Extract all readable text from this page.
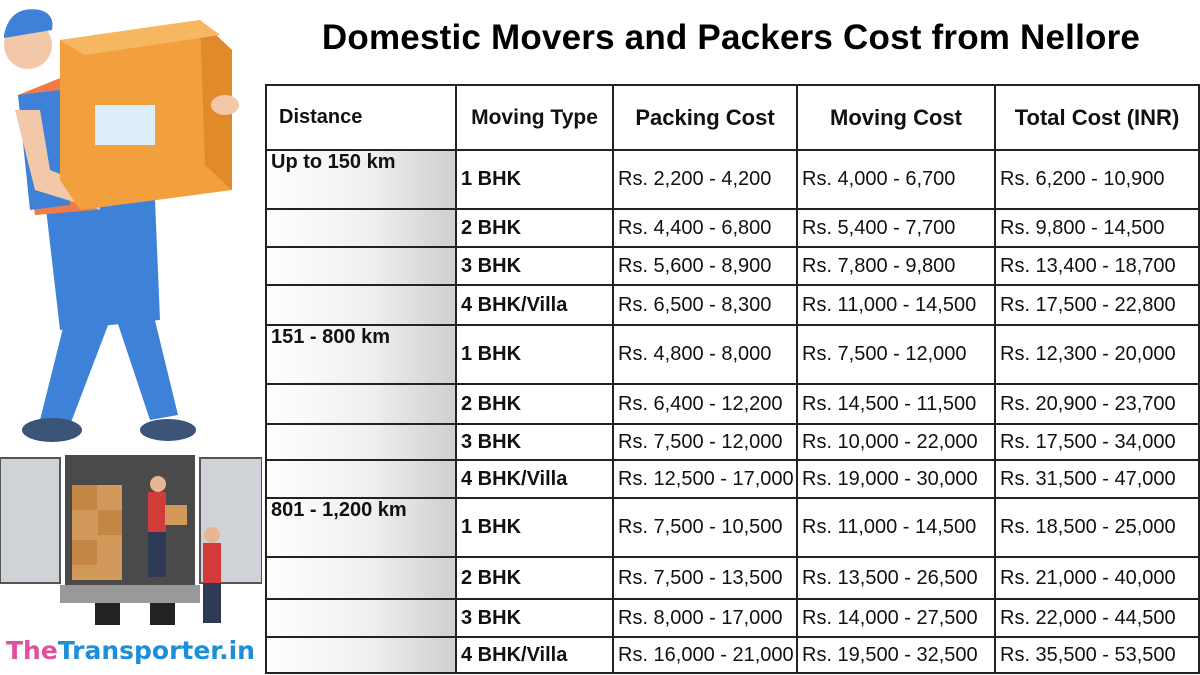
Domestic Movers and Packers Cost from Nellore
TheTransporter.in
Distance	Moving Type	Packing Cost	Moving Cost	Total Cost (INR)
Up to 150 km	1 BHK	Rs. 2,200 - 4,200	Rs. 4,000 - 6,700	Rs. 6,200 - 10,900
	2 BHK	Rs. 4,400 - 6,800	Rs. 5,400 - 7,700	Rs. 9,800 - 14,500
	3 BHK	Rs. 5,600 - 8,900	Rs. 7,800 - 9,800	Rs. 13,400 - 18,700
	4 BHK/Villa	Rs. 6,500 - 8,300	Rs. 11,000 - 14,500	Rs. 17,500 - 22,800
151 - 800 km	1 BHK	Rs. 4,800 - 8,000	Rs. 7,500 - 12,000	Rs. 12,300 - 20,000
	2 BHK	Rs. 6,400 - 12,200	Rs. 14,500 - 11,500	Rs. 20,900 - 23,700
	3 BHK	Rs. 7,500 - 12,000	Rs. 10,000 - 22,000	Rs. 17,500 - 34,000
	4 BHK/Villa	Rs. 12,500 - 17,000	Rs. 19,000 - 30,000	Rs. 31,500 - 47,000
801 - 1,200 km	1 BHK	Rs. 7,500 - 10,500	Rs. 11,000 - 14,500	Rs. 18,500 - 25,000
	2 BHK	Rs. 7,500 - 13,500	Rs. 13,500 - 26,500	Rs. 21,000 - 40,000
	3 BHK	Rs. 8,000 - 17,000	Rs. 14,000 - 27,500	Rs. 22,000 - 44,500
	4 BHK/Villa	Rs. 16,000 - 21,000	Rs. 19,500 - 32,500	Rs. 35,500 - 53,500
